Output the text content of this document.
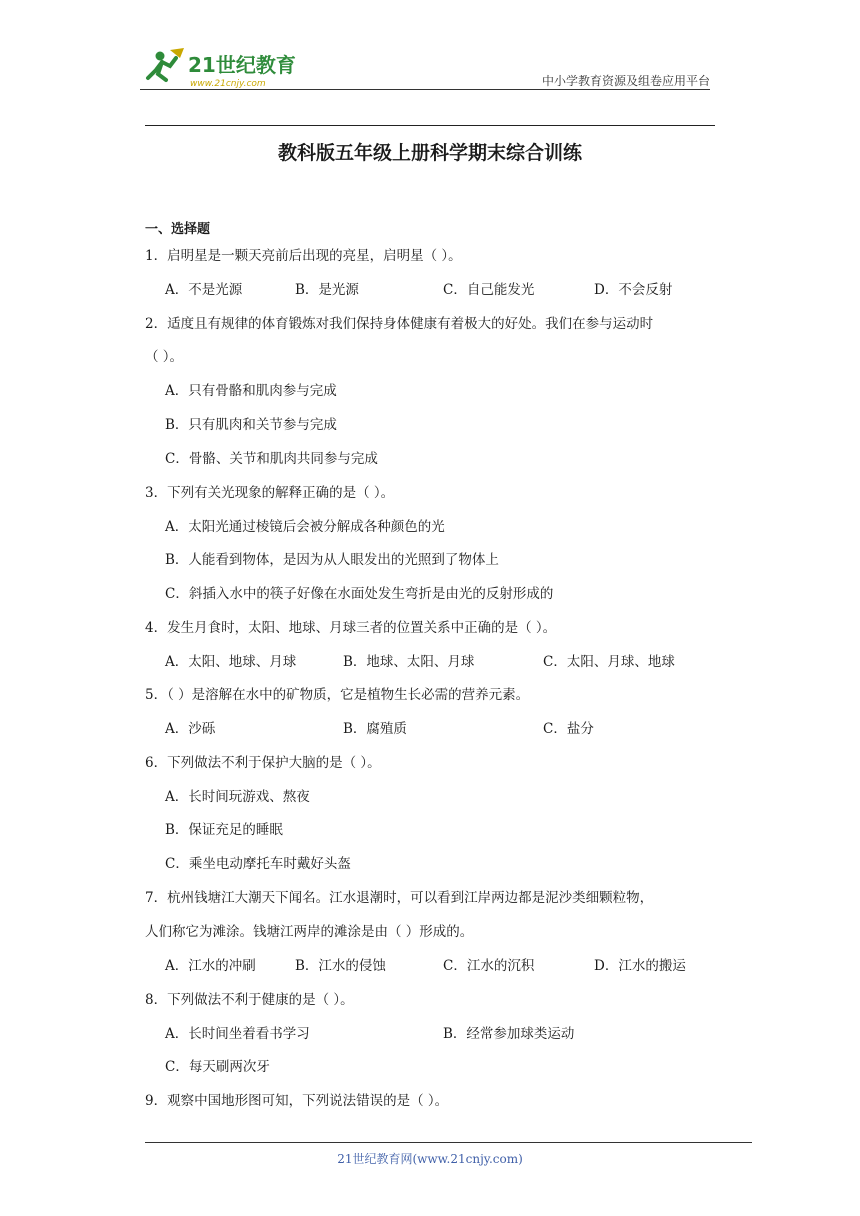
21世纪教育
www.21cnjy.com	中小学教育资源及组卷应用平台
教科版五年级上册科学期末综合训练
一、选择题
1．启明星是一颗天亮前后出现的亮星，启明星（ ）。
A．不是光源	B．是光源	C．自己能发光	D．不会反射
2．适度且有规律的体育锻炼对我们保持身体健康有着极大的好处。我们在参与运动时
（ ）。
A．只有骨骼和肌肉参与完成
B．只有肌肉和关节参与完成
C．骨骼、关节和肌肉共同参与完成
3．下列有关光现象的解释正确的是（ ）。
A．太阳光通过棱镜后会被分解成各种颜色的光
B．人能看到物体，是因为从人眼发出的光照到了物体上
C．斜插入水中的筷子好像在水面处发生弯折是由光的反射形成的
4．发生月食时，太阳、地球、月球三者的位置关系中正确的是（ ）。
A．太阳、地球、月球	B．地球、太阳、月球	C．太阳、月球、地球
5．（ ）是溶解在水中的矿物质，它是植物生长必需的营养元素。
A．沙砾	B．腐殖质	C．盐分
6．下列做法不利于保护大脑的是（ ）。
A．长时间玩游戏、熬夜
B．保证充足的睡眠
C．乘坐电动摩托车时戴好头盔
7．杭州钱塘江大潮天下闻名。江水退潮时，可以看到江岸两边都是泥沙类细颗粒物，
人们称它为滩涂。钱塘江两岸的滩涂是由（ ）形成的。
A．江水的冲刷	B．江水的侵蚀	C．江水的沉积	D．江水的搬运
8．下列做法不利于健康的是（ ）。
A．长时间坐着看书学习	B．经常参加球类运动
C．每天刷两次牙
9．观察中国地形图可知，下列说法错误的是（ ）。
21世纪教育网(www.21cnjy.com)
